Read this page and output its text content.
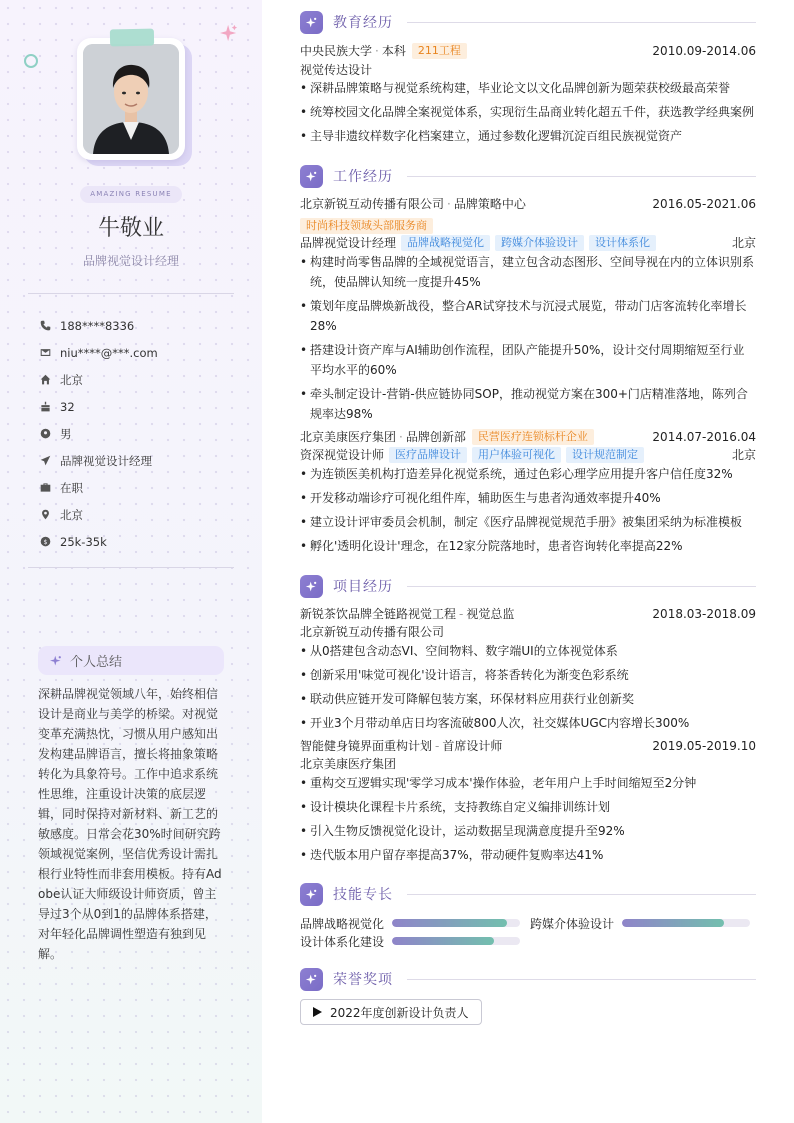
AMAZING RESUME
牛敬业
品牌视觉设计经理
188****8336
niu****@***.com
北京
32
男
品牌视觉设计经理
在职
北京
$ 25k-35k
个人总结
深耕品牌视觉领域八年，始终相信设计是商业与美学的桥梁。对视觉变革充满热忱，习惯从用户感知出发构建品牌语言，擅长将抽象策略转化为具象符号。工作中追求系统性思维，注重设计决策的底层逻辑，同时保持对新材料、新工艺的敏感度。日常会花30%时间研究跨领域视觉案例，坚信优秀设计需扎根行业特性而非套用模板。持有Adobe认证大师级设计师资质，曾主导过3个从0到1的品牌体系搭建，对年轻化品牌调性塑造有独到见解。
教育经历
中央民族大学 · 本科	211工程	2010.09-2014.06
视觉传达设计
• 深耕品牌策略与视觉系统构建，毕业论文以文化品牌创新为题荣获校级最高荣誉
• 统筹校园文化品牌全案视觉体系，实现衍生品商业转化超五千件，获选教学经典案例
• 主导非遗纹样数字化档案建立，通过参数化逻辑沉淀百组民族视觉资产
工作经历
北京新锐互动传播有限公司 · 品牌策略中心	2016.05-2021.06
时尚科技领域头部服务商
品牌视觉设计经理	品牌战略视觉化	跨媒介体验设计	设计体系化	北京
• 构建时尚零售品牌的全域视觉语言，建立包含动态图形、空间导视在内的立体识别系统，使品牌认知统一度提升45%
• 策划年度品牌焕新战役，整合AR试穿技术与沉浸式展览，带动门店客流转化率增长28%
• 搭建设计资产库与AI辅助创作流程，团队产能提升50%，设计交付周期缩短至行业平均水平的60%
• 牵头制定设计-营销-供应链协同SOP，推动视觉方案在300+门店精准落地，陈列合规率达98%
北京美康医疗集团 · 品牌创新部	民营医疗连锁标杆企业	2014.07-2016.04
资深视觉设计师	医疗品牌设计	用户体验可视化	设计规范制定	北京
• 为连锁医美机构打造差异化视觉系统，通过色彩心理学应用提升客户信任度32%
• 开发移动端诊疗可视化组件库，辅助医生与患者沟通效率提升40%
• 建立设计评审委员会机制，制定《医疗品牌视觉规范手册》被集团采纳为标准模板
• 孵化'透明化设计'理念，在12家分院落地时，患者咨询转化率提高22%
项目经历
新锐茶饮品牌全链路视觉工程 - 视觉总监	2018.03-2018.09
北京新锐互动传播有限公司
• 从0搭建包含动态VI、空间物料、数字端UI的立体视觉体系
• 创新采用'味觉可视化'设计语言，将茶香转化为渐变色彩系统
• 联动供应链开发可降解包装方案，环保材料应用获行业创新奖
• 开业3个月带动单店日均客流破800人次，社交媒体UGC内容增长300%
智能健身镜界面重构计划 - 首席设计师	2019.05-2019.10
北京美康医疗集团
• 重构交互逻辑实现'零学习成本'操作体验，老年用户上手时间缩短至2分钟
• 设计模块化课程卡片系统，支持教练自定义编排训练计划
• 引入生物反馈视觉化设计，运动数据呈现满意度提升至92%
• 迭代版本用户留存率提高37%，带动硬件复购率达41%
技能专长
品牌战略视觉化	跨媒介体验设计
设计体系化建设
荣誉奖项
2022年度创新设计负责人
